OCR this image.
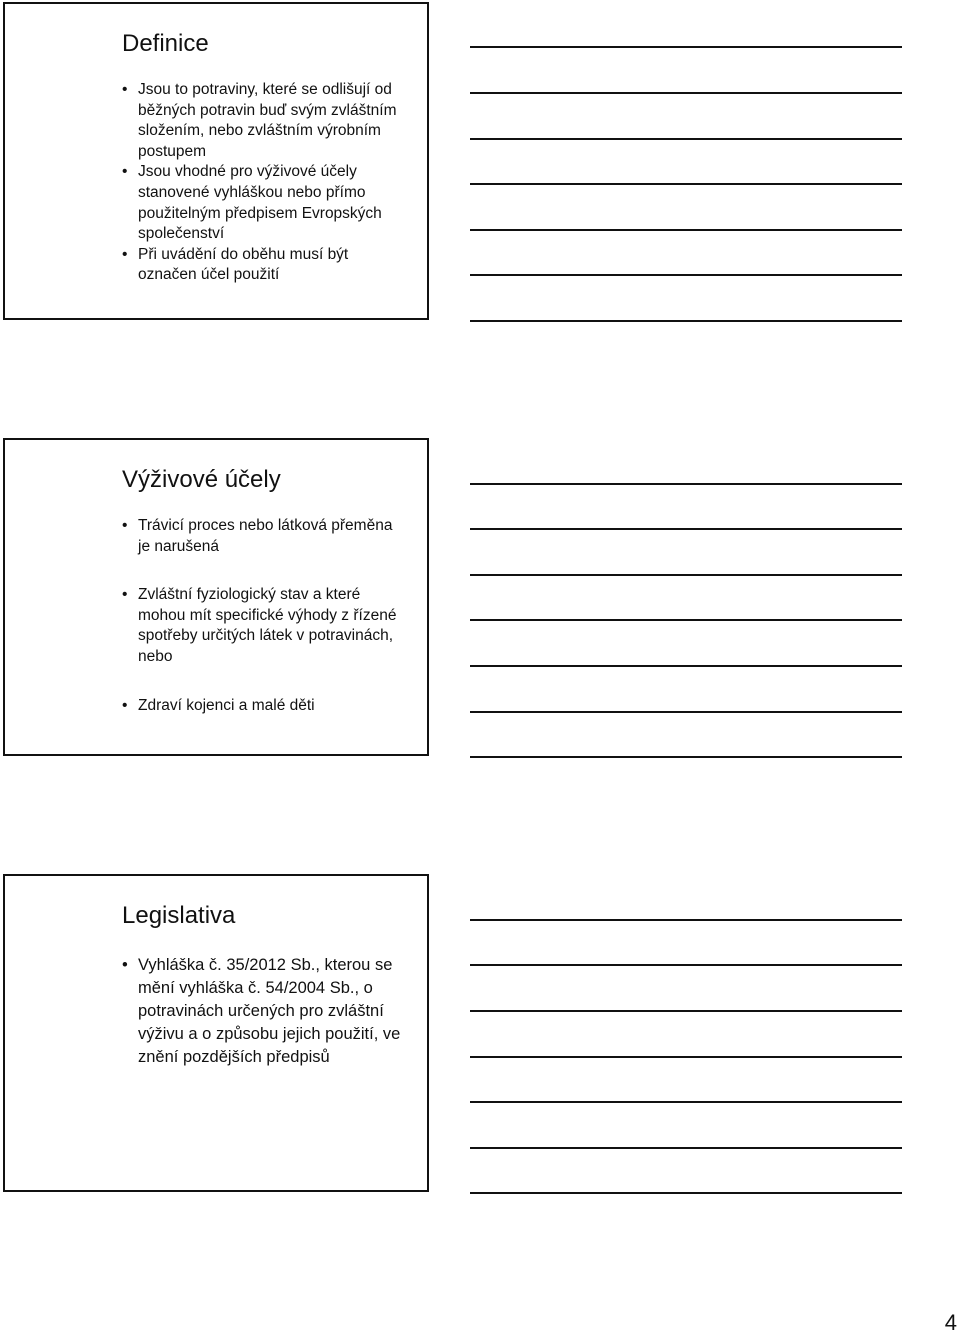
Definice
• Jsou to potraviny, které se odlišují od běžných potravin buď svým zvláštním složením, nebo zvláštním výrobním postupem
• Jsou vhodné pro výživové účely stanovené vyhláškou nebo přímo použitelným předpisem Evropských společenství
• Při uvádění do oběhu musí být označen účel použití
Výživové účely
• Trávicí proces nebo látková přeměna je narušená
• Zvláštní fyziologický stav a které mohou mít specifické výhody z řízené spotřeby určitých látek v potravinách, nebo
• Zdraví kojenci a malé děti
Legislativa
• Vyhláška č. 35/2012 Sb., kterou se mění vyhláška č. 54/2004 Sb., o potravinách určených pro zvláštní výživu a o způsobu jejich použití, ve znění pozdějších předpisů
4
